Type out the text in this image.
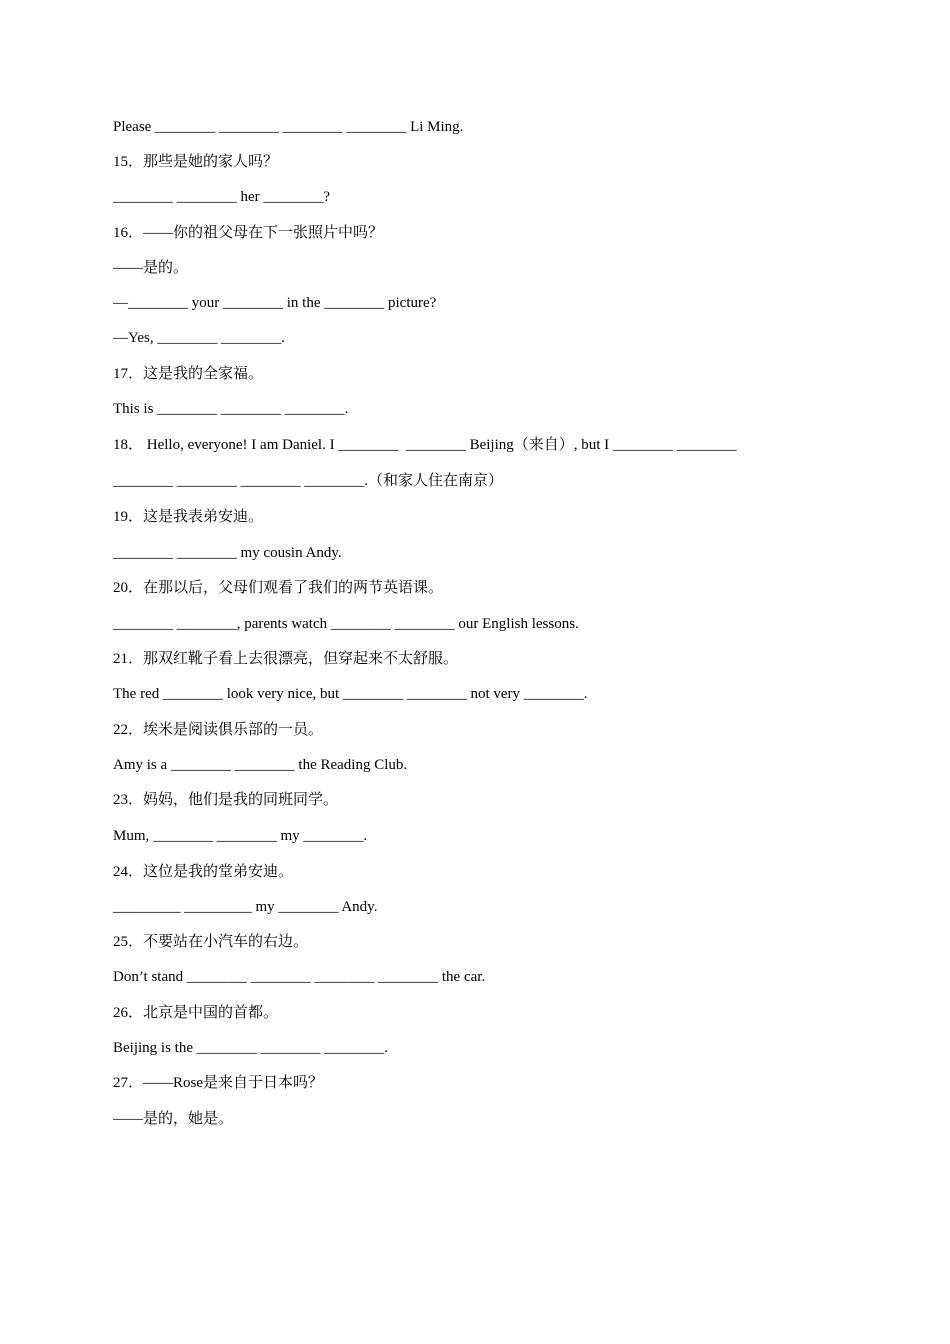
Please ________ ________ ________ ________ Li Ming.
15．那些是她的家人吗？
________ ________ her ________?
16．——你的祖父母在下一张照片中吗？
——是的。
—________ your ________ in the ________ picture?
—Yes, ________ ________.
17．这是我的全家福。
This is ________ ________ ________.
18． Hello, everyone! I am Daniel. I ________  ________ Beijing（来自）, but I ________ ________
________ ________ ________ ________.（和家人住在南京）
19．这是我表弟安迪。
________ ________ my cousin Andy.
20．在那以后，父母们观看了我们的两节英语课。
________ ________, parents watch ________ ________ our English lessons.
21．那双红靴子看上去很漂亮，但穿起来不太舒服。
The red ________ look very nice, but ________ ________ not very ________.
22．埃米是阅读俱乐部的一员。
Amy is a ________ ________ the Reading Club.
23．妈妈，他们是我的同班同学。
Mum, ________ ________ my ________.
24．这位是我的堂弟安迪。
_________ _________ my ________ Andy.
25．不要站在小汽车的右边。
Don’t stand ________ ________ ________ ________ the car.
26．北京是中国的首都。
Beijing is the ________ ________ ________.
27．——Rose是来自于日本吗？
——是的，她是。
